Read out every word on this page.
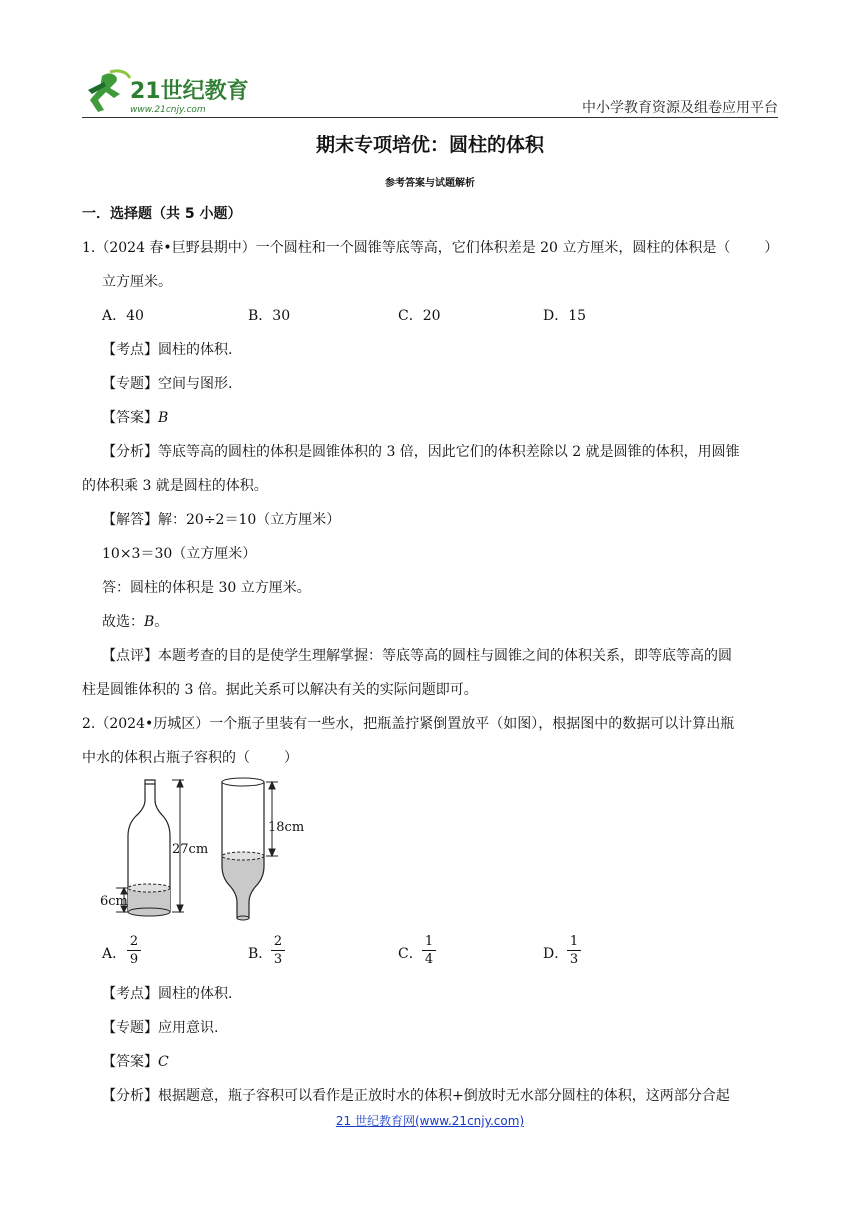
21世纪教育
www.21cnjy.com	中小学教育资源及组卷应用平台
期末专项培优：圆柱的体积
参考答案与试题解析
一．选择题（共 5 小题）
1.（2024 春•巨野县期中）一个圆柱和一个圆锥等底等高，它们体积差是 20 立方厘米，圆柱的体积是（ ）
立方厘米。
A．40	B．30	C．20	D．15
【考点】圆柱的体积.
【专题】空间与图形.
【答案】B
【分析】等底等高的圆柱的体积是圆锥体积的 3 倍，因此它们的体积差除以 2 就是圆锥的体积，用圆锥
的体积乘 3 就是圆柱的体积。
【解答】解：20÷2＝10（立方厘米）
10×3＝30（立方厘米）
答：圆柱的体积是 30 立方厘米。
故选：B。
【点评】本题考查的目的是使学生理解掌握：等底等高的圆柱与圆锥之间的体积关系，即等底等高的圆
柱是圆锥体积的 3 倍。据此关系可以解决有关的实际问题即可。
2.（2024•历城区）一个瓶子里装有一些水，把瓶盖拧紧倒置放平（如图），根据图中的数据可以计算出瓶
中水的体积占瓶子容积的（ ）
27cm
6cm
18cm
A． $\frac{2}{9}$	B．
$\frac{2}{3}$	C． $\frac{1}{4}$	D．
$\frac{1}{3}$
【考点】圆柱的体积.
【专题】应用意识.
【答案】C
【分析】根据题意，瓶子容积可以看作是正放时水的体积+倒放时无水部分圆柱的体积，这两部分合起
21 世纪教育网(www.21cnjy.com)
